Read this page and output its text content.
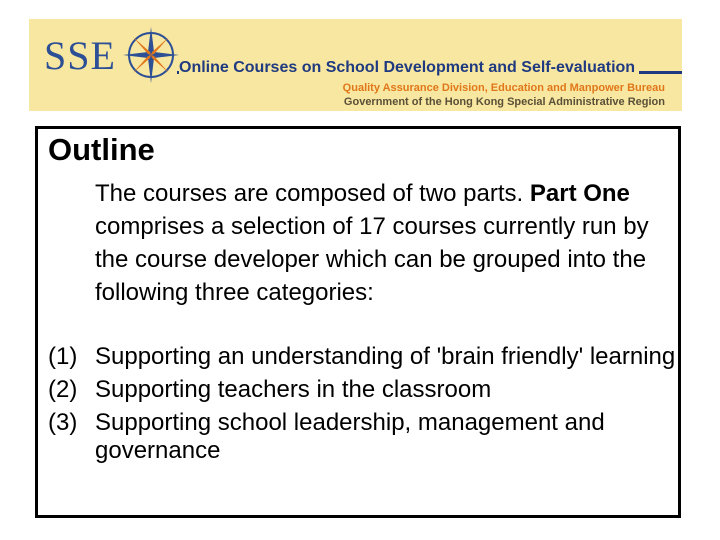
SSE	Online Courses on School Development and Self-evaluation
Quality Assurance Division, Education and Manpower Bureau
Government of the Hong Kong Special Administrative Region
Outline
The courses are composed of two parts. Part One comprises a selection of 17 courses currently run by the course developer which can be grouped into the following three categories:
(1) Supporting an understanding of 'brain friendly' learning
(2) Supporting teachers in the classroom
(3) Supporting school leadership, management and governance
